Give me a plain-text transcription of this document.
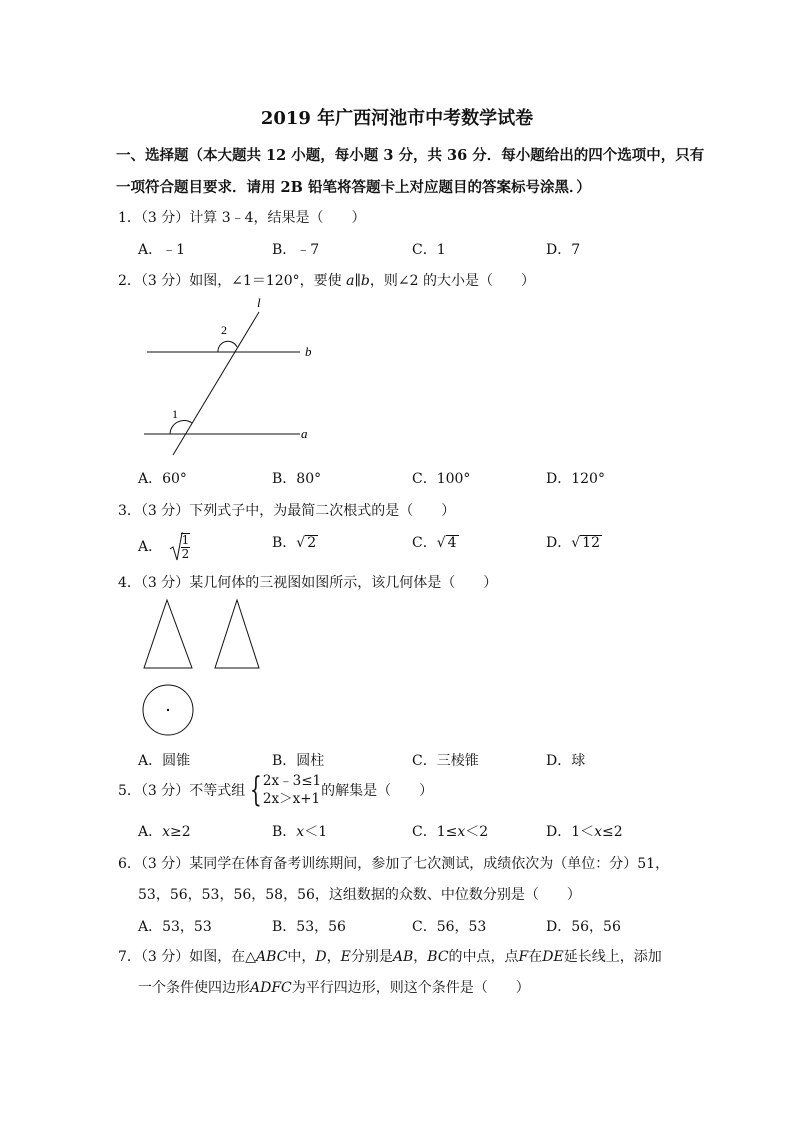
2019 年广西河池市中考数学试卷
一、选择题（本大题共 12 小题，每小题 3 分，共 36 分．每小题给出的四个选项中，只有
一项符合题目要求．请用 2B 铅笔将答题卡上对应题目的答案标号涂黑．）
1．（3 分）计算 3﹣4，结果是（　　）
A．﹣1	B．﹣7	C．1	D．7
2．（3 分）如图，∠1＝120°，要使 a∥b，则∠2 的大小是（　　）
l
b
a
2
1
A．60°	B．80°	C．100°	D．120°
3．（3 分）下列式子中，为最简二次根式的是（　　）
A． $\frac{1}{2}$	B．√ 2	C．√ 4	D．√ 12
4．（3 分）某几何体的三视图如图所示，该几何体是（　　）
A．圆锥	B．圆柱	C．三棱锥	D．球
5．（3 分）不等式组 { 2x﹣3≤1
2x＞x+1 的解集是（　　）
A．x≥2	B．x＜1	C．1≤x＜2	D．1＜x≤2
6．（3 分）某同学在体育备考训练期间，参加了七次测试，成绩依次为（单位：分）51，
53，56，53，56，58，56，这组数据的众数、中位数分别是（　　）
A．53，53	B．53，56	C．56，53	D．56，56
7．（3 分）如图，在△ABC中，D，E分别是AB，BC的中点，点F在DE延长线上，添加
一个条件使四边形ADFC为平行四边形，则这个条件是（　　）
